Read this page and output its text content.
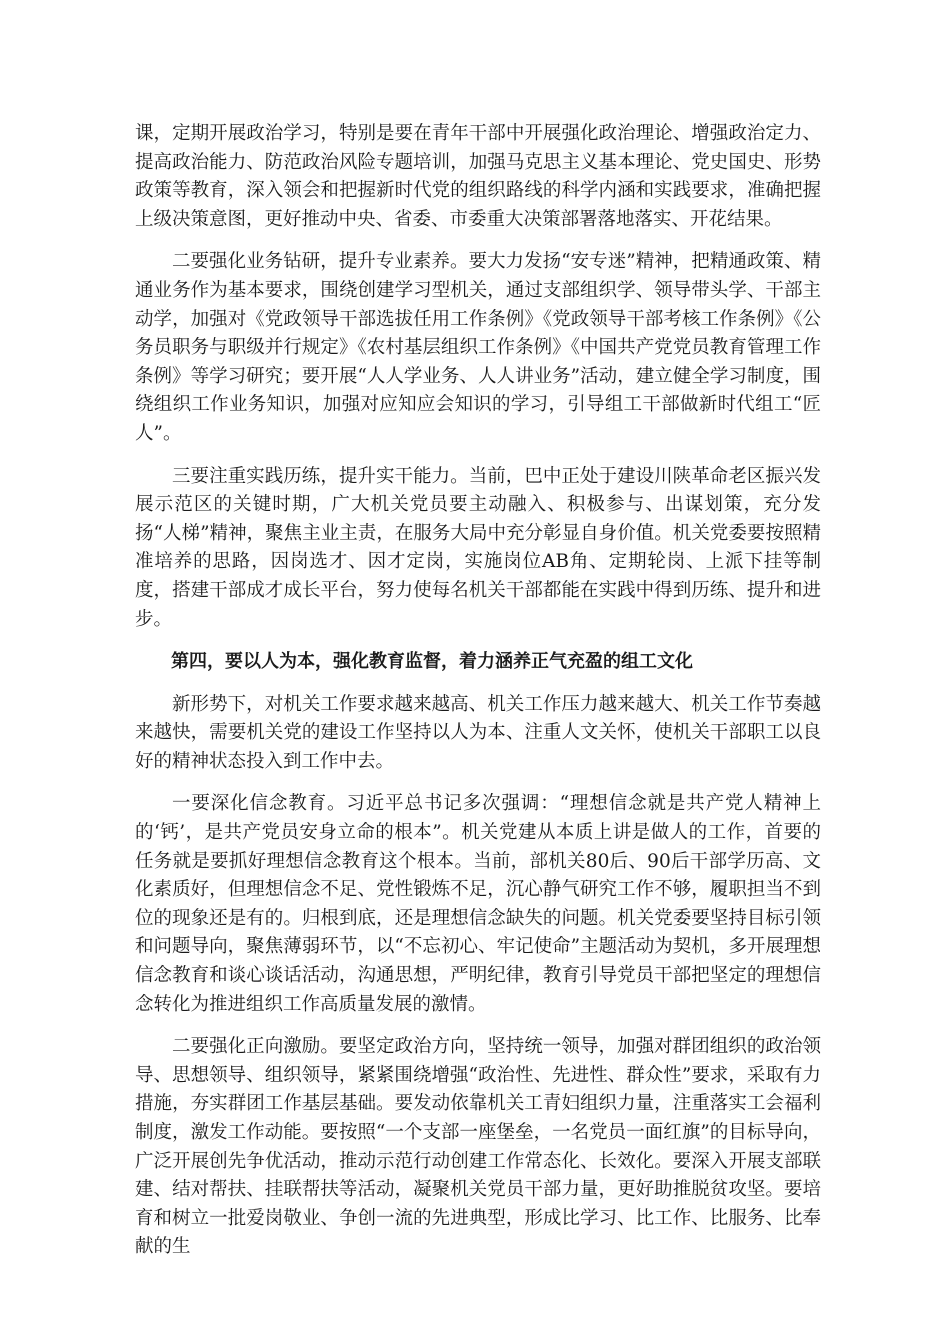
课，定期开展政治学习，特别是要在青年干部中开展强化政治理论、增强政治定力、提高政治能力、防范政治风险专题培训，加强马克思主义基本理论、党史国史、形势政策等教育，深入领会和把握新时代党的组织路线的科学内涵和实践要求，准确把握上级决策意图，更好推动中央、省委、市委重大决策部署落地落实、开花结果。

二要强化业务钻研，提升专业素养。要大力发扬“安专迷”精神，把精通政策、精通业务作为基本要求，围绕创建学习型机关，通过支部组织学、领导带头学、干部主动学，加强对《党政领导干部选拔任用工作条例》《党政领导干部考核工作条例》《公务员职务与职级并行规定》《农村基层组织工作条例》《中国共产党党员教育管理工作条例》等学习研究；要开展“人人学业务、人人讲业务”活动，建立健全学习制度，围绕组织工作业务知识，加强对应知应会知识的学习，引导组工干部做新时代组工“匠人”。

三要注重实践历练，提升实干能力。当前，巴中正处于建设川陕革命老区振兴发展示范区的关键时期，广大机关党员要主动融入、积极参与、出谋划策，充分发扬“人梯”精神，聚焦主业主责，在服务大局中充分彰显自身价值。机关党委要按照精准培养的思路，因岗选才、因才定岗，实施岗位AB角、定期轮岗、上派下挂等制度，搭建干部成才成长平台，努力使每名机关干部都能在实践中得到历练、提升和进步。

第四，要以人为本，强化教育监督，着力涵养正气充盈的组工文化

新形势下，对机关工作要求越来越高、机关工作压力越来越大、机关工作节奏越来越快，需要机关党的建设工作坚持以人为本、注重人文关怀，使机关干部职工以良好的精神状态投入到工作中去。

一要深化信念教育。习近平总书记多次强调：“理想信念就是共产党人精神上的‘钙’，是共产党员安身立命的根本”。机关党建从本质上讲是做人的工作，首要的任务就是要抓好理想信念教育这个根本。当前，部机关80后、90后干部学历高、文化素质好，但理想信念不足、党性锻炼不足，沉心静气研究工作不够，履职担当不到位的现象还是有的。归根到底，还是理想信念缺失的问题。机关党委要坚持目标引领和问题导向，聚焦薄弱环节，以“不忘初心、牢记使命”主题活动为契机，多开展理想信念教育和谈心谈话活动，沟通思想，严明纪律，教育引导党员干部把坚定的理想信念转化为推进组织工作高质量发展的激情。

二要强化正向激励。要坚定政治方向，坚持统一领导，加强对群团组织的政治领导、思想领导、组织领导，紧紧围绕增强“政治性、先进性、群众性”要求，采取有力措施，夯实群团工作基层基础。要发动依靠机关工青妇组织力量，注重落实工会福利制度，激发工作动能。要按照“一个支部一座堡垒，一名党员一面红旗”的目标导向，广泛开展创先争优活动，推动示范行动创建工作常态化、长效化。要深入开展支部联建、结对帮扶、挂联帮扶等活动，凝聚机关党员干部力量，更好助推脱贫攻坚。要培育和树立一批爱岗敬业、争创一流的先进典型，形成比学习、比工作、比服务、比奉献的生
